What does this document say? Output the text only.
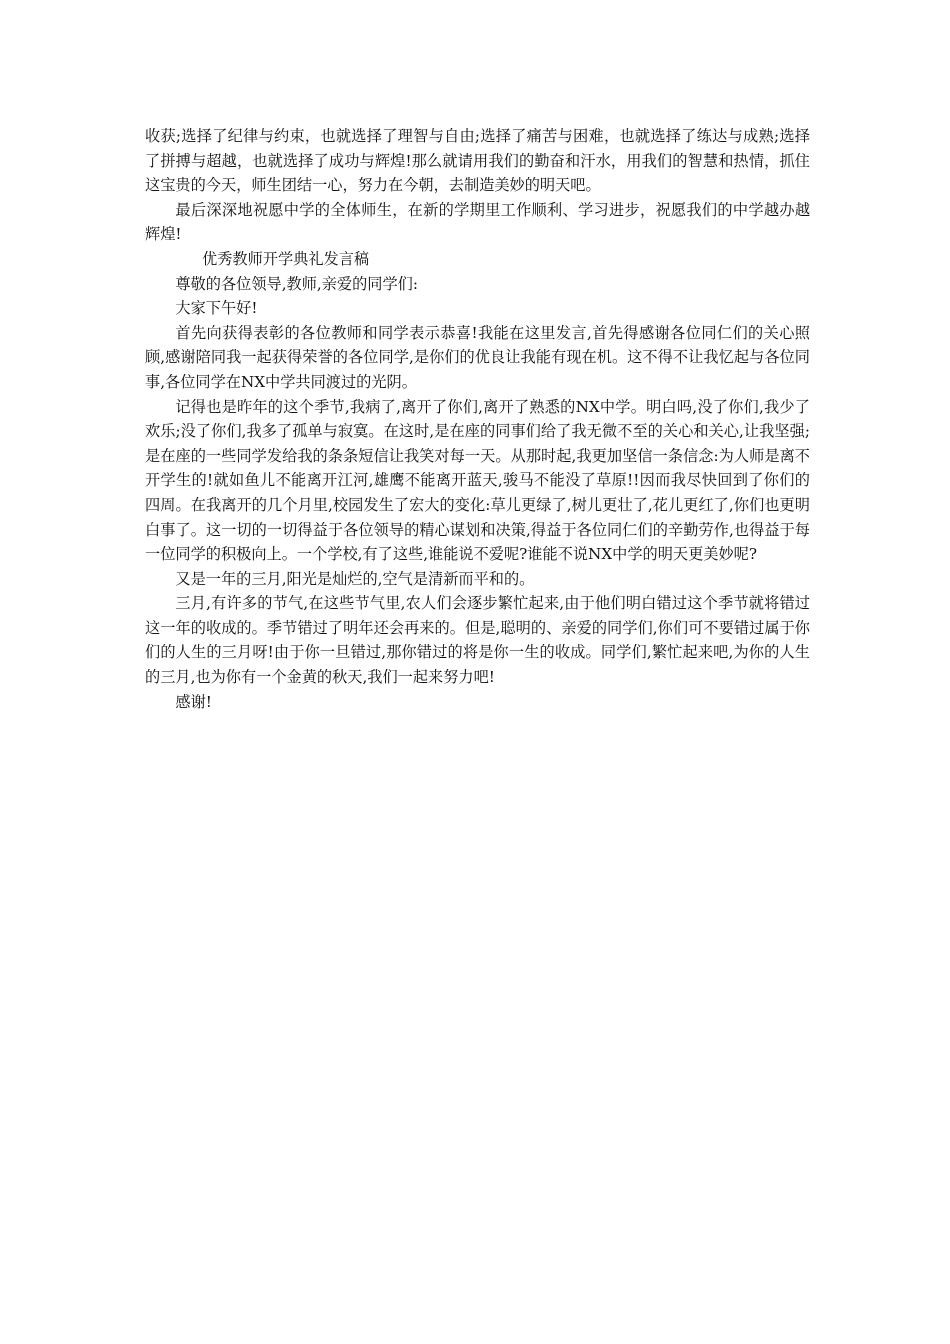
收获;选择了纪律与约束，也就选择了理智与自由;选择了痛苦与困难，也就选择了练达与成熟;选择了拼搏与超越，也就选择了成功与辉煌!那么就请用我们的勤奋和汗水，用我们的智慧和热情，抓住这宝贵的今天，师生团结一心，努力在今朝，去制造美妙的明天吧。

最后深深地祝愿中学的全体师生，在新的学期里工作顺利、学习进步，祝愿我们的中学越办越辉煌!

优秀教师开学典礼发言稿

尊敬的各位领导,教师,亲爱的同学们:

大家下午好!

首先向获得表彰的各位教师和同学表示恭喜!我能在这里发言,首先得感谢各位同仁们的关心照顾,感谢陪同我一起获得荣誉的各位同学,是你们的优良让我能有现在机。这不得不让我忆起与各位同事,各位同学在NX中学共同渡过的光阴。

记得也是昨年的这个季节,我病了,离开了你们,离开了熟悉的NX中学。明白吗,没了你们,我少了欢乐;没了你们,我多了孤单与寂寞。在这时,是在座的同事们给了我无微不至的关心和关心,让我坚强;是在座的一些同学发给我的条条短信让我笑对每一天。从那时起,我更加坚信一条信念:为人师是离不开学生的!就如鱼儿不能离开江河,雄鹰不能离开蓝天,骏马不能没了草原!!因而我尽快回到了你们的四周。在我离开的几个月里,校园发生了宏大的变化:草儿更绿了,树儿更壮了,花儿更红了,你们也更明白事了。这一切的一切得益于各位领导的精心谋划和决策,得益于各位同仁们的辛勤劳作,也得益于每一位同学的积极向上。一个学校,有了这些,谁能说不爱呢?谁能不说NX中学的明天更美妙呢?

又是一年的三月,阳光是灿烂的,空气是清新而平和的。

三月,有许多的节气,在这些节气里,农人们会逐步繁忙起来,由于他们明白错过这个季节就将错过这一年的收成的。季节错过了明年还会再来的。但是,聪明的、亲爱的同学们,你们可不要错过属于你们的人生的三月呀!由于你一旦错过,那你错过的将是你一生的收成。同学们,繁忙起来吧,为你的人生的三月,也为你有一个金黄的秋天,我们一起来努力吧!

感谢!
